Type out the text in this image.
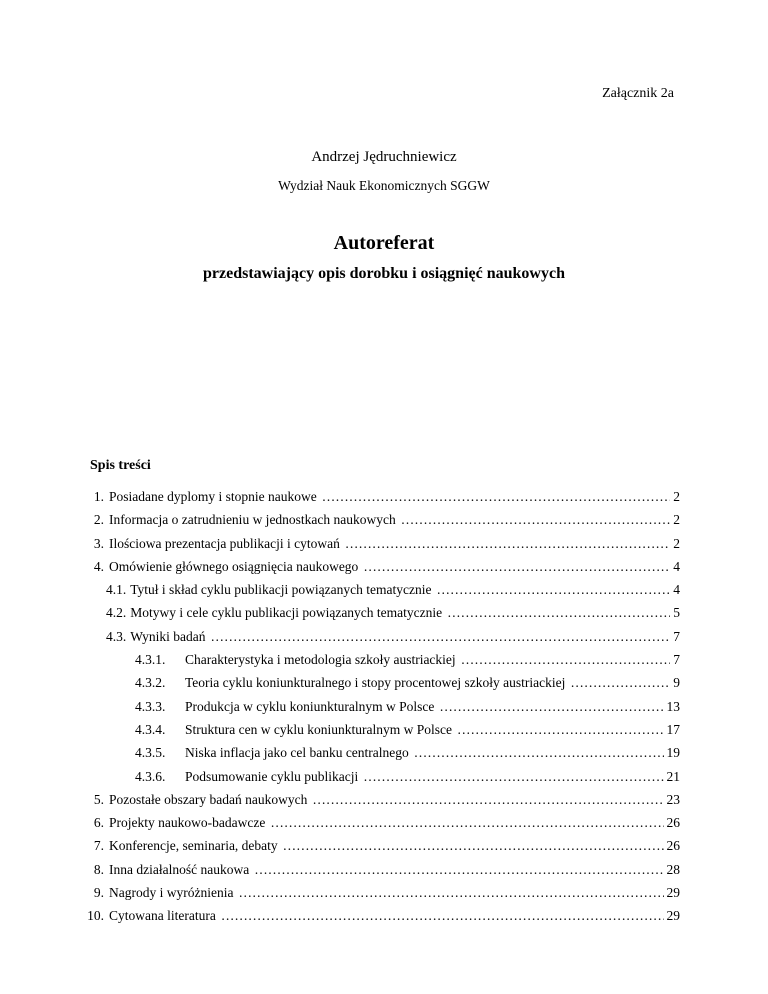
Załącznik 2a
Andrzej Jędruchniewicz
Wydział Nauk Ekonomicznych SGGW
Autoreferat
przedstawiający opis dorobku i osiągnięć naukowych
Spis treści
1. Posiadane dyplomy i stopnie naukowe …………………………………………………………………………………………………………………………………………………………	2
2. Informacja o zatrudnieniu w jednostkach naukowych …………………………………………………………………………………………………………………………………………………………	2
3. Ilościowa prezentacja publikacji i cytowań …………………………………………………………………………………………………………………………………………………………	2
4. Omówienie głównego osiągnięcia naukowego …………………………………………………………………………………………………………………………………………………………	4
4.1. Tytuł i skład cyklu publikacji powiązanych tematycznie …………………………………………………………………………………………………………………………………………………………	4
4.2. Motywy i cele cyklu publikacji powiązanych tematycznie …………………………………………………………………………………………………………………………………………………………	5
4.3. Wyniki badań …………………………………………………………………………………………………………………………………………………………	7
4.3.1.	Charakterystyka i metodologia szkoły austriackiej …………………………………………………………………………………………………………………………………………………………	7
4.3.2.	Teoria cyklu koniunkturalnego i stopy procentowej szkoły austriackiej …………………………………………………………………………………………………………………………………………………………	9
4.3.3.	Produkcja w cyklu koniunkturalnym w Polsce …………………………………………………………………………………………………………………………………………………………	13
4.3.4.	Struktura cen w cyklu koniunkturalnym w Polsce …………………………………………………………………………………………………………………………………………………………	17
4.3.5.	Niska inflacja jako cel banku centralnego …………………………………………………………………………………………………………………………………………………………	19
4.3.6.	Podsumowanie cyklu publikacji …………………………………………………………………………………………………………………………………………………………	21
5. Pozostałe obszary badań naukowych …………………………………………………………………………………………………………………………………………………………	23
6. Projekty naukowo-badawcze …………………………………………………………………………………………………………………………………………………………	26
7. Konferencje, seminaria, debaty …………………………………………………………………………………………………………………………………………………………	26
8. Inna działalność naukowa …………………………………………………………………………………………………………………………………………………………	28
9. Nagrody i wyróżnienia …………………………………………………………………………………………………………………………………………………………	29
10. Cytowana literatura …………………………………………………………………………………………………………………………………………………………	29
